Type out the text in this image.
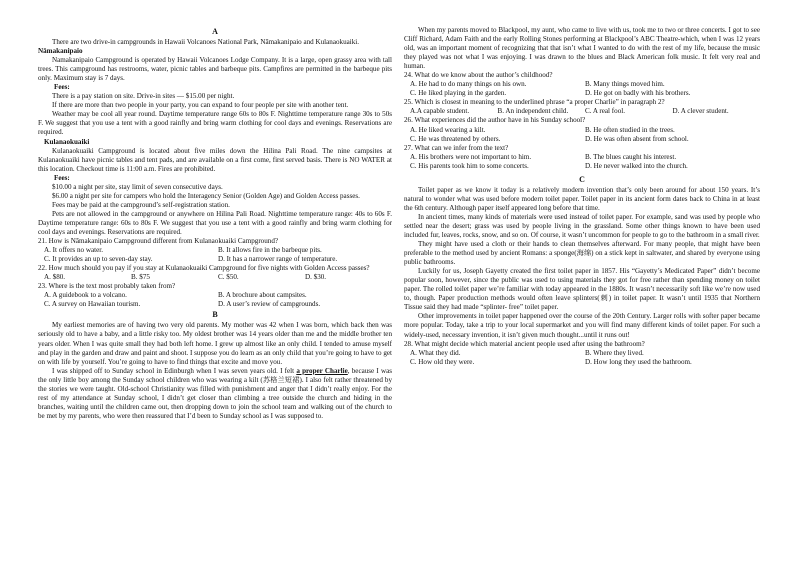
A

There are two drive-in campgrounds in Hawaii Volcanoes National Park, Nāmakanipaio and Kulanaokuaiki.

Nāmakanipaio

Namakanipaio Campground is operated by Hawaii Volcanoes Lodge Company. It is a large, open grassy area with tall trees. This campground has restrooms, water, picnic tables and barbeque pits. Campfires are permitted in the barbeque pits only. Maximum stay is 7 days.

Fees:

There is a pay station on site. Drive-in sites — $15.00 per night.

If there are more than two people in your party, you can expand to four people per site with another tent.

Weather may be cool all year round. Daytime temperature range 60s to 80s F. Nighttime temperature range 30s to 50s F. We suggest that you use a tent with a good rainfly and bring warm clothing for cool days and evenings. Reservations are required.

Kulanaokuaiki

Kulanaokuaiki Campground is located about five miles down the Hilina Pali Road. The nine campsites at Kulanaokuaiki have picnic tables and tent pads, and are available on a first come, first served basis. There is NO WATER at this location. Checkout time is 11:00 a.m. Fires are prohibited.

Fees:

$10.00 a night per site, stay limit of seven consecutive days.

$6.00 a night per site for campers who hold the Interagency Senior (Golden Age) and Golden Access passes.

Fees may be paid at the campground’s self-registration station.

Pets are not allowed in the campground or anywhere on Hilina Pali Road. Nighttime temperature range: 40s to 60s F. Daytime temperature range: 60s to 80s F. We suggest that you use a tent with a good rainfly and bring warm clothing for cool days and evenings. Reservations are required.

21. How is Nāmakanipaio Campground different from Kulanaokuaiki Campground?

A. It offers no water.	B. It allows fire in the barbeque pits.
C. It provides an up to seven-day stay.	D. It has a narrower range of temperature.

22. How much should you pay if you stay at Kulanaokuaiki Campground for five nights with Golden Access passes?

A. $80.	B. $75	C. $50.	D. $30.

23. Where is the text most probably taken from?

A. A guidebook to a volcano.	B. A brochure about campsites.
C. A survey on Hawaiian tourism.	D. A user’s review of campgrounds.
B

My earliest memories are of having two very old parents. My mother was 42 when I was born, which back then was seriously old to have a baby, and a little risky too. My oldest brother was 14 years older than me and the middle brother ten years older. When I was quite small they had both left home. I grew up almost like an only child. I tended to amuse myself and play in the garden and draw and paint and shoot. I suppose you do learn as an only child that you’re going to have to get on with life by yourself. You’re going to have to find things that excite and move you.

I was shipped off to Sunday school in Edinburgh when I was seven years old. I felt a proper Charlie, because I was the only little boy among the Sunday school children who was wearing a kilt (苏格兰短裙). I also felt rather threatened by the stories we were taught. Old-school Christianity was filled with punishment and anger that I didn’t really enjoy. For the rest of my attendance at Sunday school, I didn’t get closer than climbing a tree outside the church and hiding in the branches, waiting until the children came out, then dropping down to join the school team and walking out of the church to be met by my parents, who were then reassured that I’d been to Sunday school as I was supposed to.

When my parents moved to Blackpool, my aunt, who came to live with us, took me to two or three concerts. I got to see Cliff Richard, Adam Faith and the early Rolling Stones performing at Blackpool’s ABC Theatre-which, when I was 12 years old, was an important moment of recognizing that that isn’t what I wanted to do with the rest of my life, because the music they played was not what I was enjoying. I was drawn to the blues and Black American folk music. It felt very real and human.

24. What do we know about the author’s childhood?

A. He had to do many things on his own.	B. Many things moved him.
C. He liked playing in the garden.	D. He got on badly with his brothers.

25. Which is closest in meaning to the underlined phrase “a proper Charlie” in paragraph 2?

A.A capable student.	B. An independent child.	C. A real fool.	D. A clever student.

26. What experiences did the author have in his Sunday school?

A. He liked wearing a kilt.	B. He often studied in the trees.
C. He was threatened by others.	D. He was often absent from school.

27. What can we infer from the text?

A. His brothers were not important to him.	B. The blues caught his interest.
C. His parents took him to some concerts.	D. He never walked into the church.
C

Toilet paper as we know it today is a relatively modern invention that’s only been around for about 150 years. It’s natural to wonder what was used before modern toilet paper. Toilet paper in its ancient form dates back to China in at least the 6th century. Although paper itself appeared long before that time.

In ancient times, many kinds of materials were used instead of toilet paper. For example, sand was used by people who settled near the desert; grass was used by people living in the grassland. Some other things known to have been used included fur, leaves, rocks, snow, and so on. Of course, it wasn’t uncommon for people to go to the bathroom in a small river.

They might have used a cloth or their hands to clean themselves afterward. For many people, that might have been preferable to the method used by ancient Romans: a sponge(海绵) on a stick kept in saltwater, and shared by everyone using public bathrooms.

Luckily for us, Joseph Gayetty created the first toilet paper in 1857. His “Gayetty’s Medicated Paper” didn’t become popular soon, however, since the public was used to using materials they got for free rather than spending money on toilet paper. The rolled toilet paper we’re familiar with today appeared in the 1880s. It wasn’t necessarily soft like we’re now used to, though. Paper production methods would often leave splinters(刺) in toilet paper. It wasn’t until 1935 that Northern Tissue said they had made “splinter- free” toilet paper.

Other improvements in toilet paper happened over the course of the 20th Century. Larger rolls with softer paper became more popular. Today, take a trip to your local supermarket and you will find many different kinds of toilet paper. For such a widely-used, necessary invention, it isn’t given much thought...until it runs out!

28. What might decide which material ancient people used after using the bathroom?

A. What they did.	B. Where they lived.
C. How old they were.	D. How long they used the bathroom.
